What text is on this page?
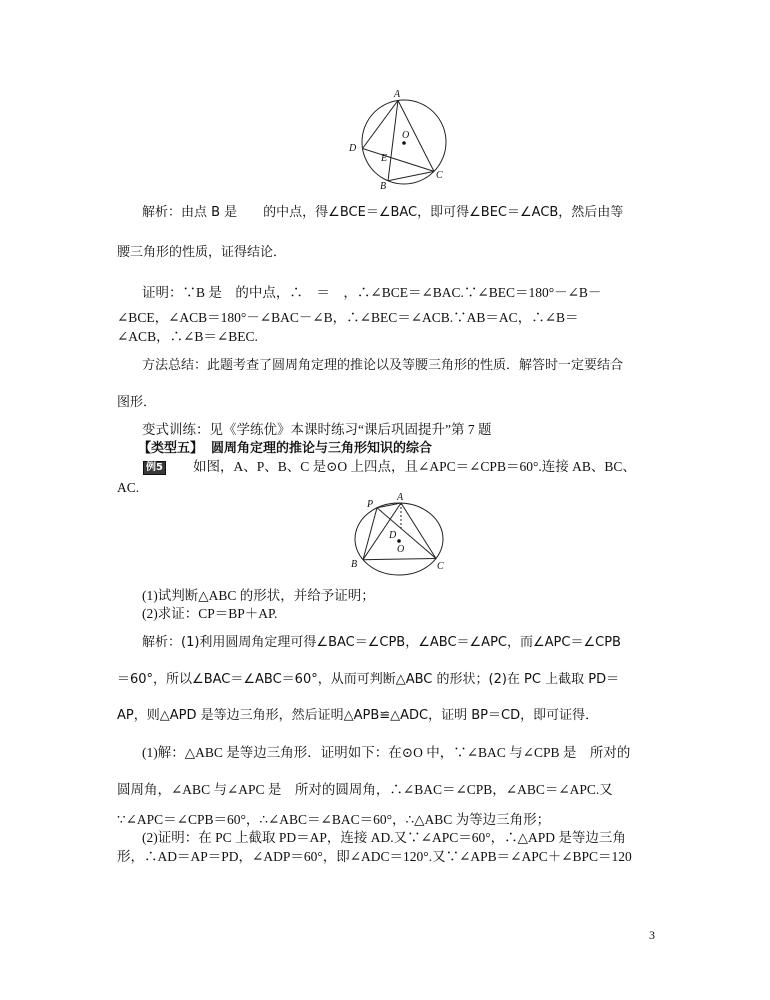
A
O
D
E
B
C
解析：由点 B 是　　的中点，得∠BCE＝∠BAC，即可得∠BEC＝∠ACB，然后由等
腰三角形的性质，证得结论．
证明：∵B 是　的中点，∴　＝　，∴∠BCE＝∠BAC.∵∠BEC＝180°－∠B－
∠BCE，∠ACB＝180°－∠BAC－∠B，∴∠BEC＝∠ACB.∵AB＝AC，∴∠B＝
∠ACB，∴∠B＝∠BEC.
方法总结：此题考查了圆周角定理的推论以及等腰三角形的性质．解答时一定要结合
图形．
变式训练：见《学练优》本课时练习“课后巩固提升”第 7 题
【类型五】 圆周角定理的推论与三角形知识的综合
例5 如图，A、P、B、C 是⊙O 上四点，且∠APC＝∠CPB＝60°.连接 AB、BC、
AC.
P
A
D
O
B	C
(1)试判断△ABC 的形状，并给予证明；
(2)求证：CP＝BP＋AP.
解析：(1)利用圆周角定理可得∠BAC＝∠CPB，∠ABC＝∠APC，而∠APC＝∠CPB
＝60°，所以∠BAC＝∠ABC＝60°，从而可判断△ABC 的形状；(2)在 PC 上截取 PD＝
AP，则△APD 是等边三角形，然后证明△APB≌△ADC，证明 BP＝CD，即可证得．
(1)解：△ABC 是等边三角形．证明如下：在⊙O 中，∵∠BAC 与∠CPB 是　所对的
圆周角，∠ABC 与∠APC 是　所对的圆周角，∴∠BAC＝∠CPB，∠ABC＝∠APC.又
∵∠APC＝∠CPB＝60°，∴∠ABC＝∠BAC＝60°，∴△ABC 为等边三角形；
(2)证明：在 PC 上截取 PD＝AP，连接 AD.又∵∠APC＝60°，∴△APD 是等边三角
形，∴AD＝AP＝PD，∠ADP＝60°，即∠ADC＝120°.又∵∠APB＝∠APC＋∠BPC＝120
3
